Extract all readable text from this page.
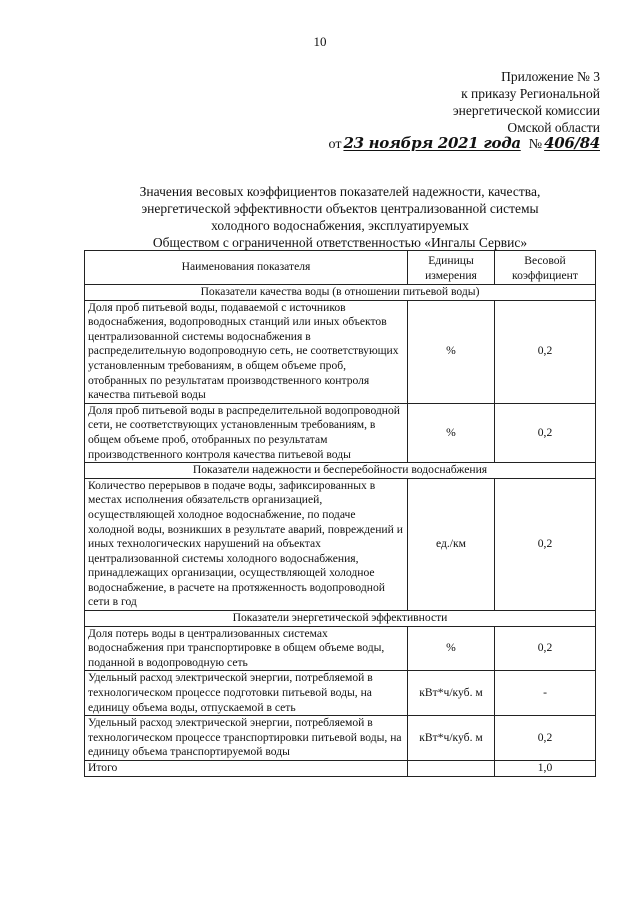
10
Приложение № 3
к приказу Региональной
энергетической комиссии
Омской области
от 23 ноября 2021 года № 406/84
Значения весовых коэффициентов показателей надежности, качества,
энергетической эффективности объектов централизованной системы
холодного водоснабжения, эксплуатируемых
Обществом с ограниченной ответственностью «Ингалы Сервис»
Наименования показателя	Единицы измерения	Весовой коэффициент
Показатели качества воды (в отношении питьевой воды)		
Доля проб питьевой воды, подаваемой с источников водоснабжения, водопроводных станций или иных объектов централизованной системы водоснабжения в распределительную водопроводную сеть, не соответствующих установленным требованиям, в общем объеме проб, отобранных по результатам производственного контроля качества питьевой воды	%	0,2
Доля проб питьевой воды в распределительной водопроводной сети, не соответствующих установленным требованиям, в общем объеме проб, отобранных по результатам производственного контроля качества питьевой воды	%	0,2
Показатели надежности и бесперебойности водоснабжения		
Количество перерывов в подаче воды, зафиксированных в местах исполнения обязательств организацией, осуществляющей холодное водоснабжение, по подаче холодной воды, возникших в результате аварий, повреждений и иных технологических нарушений на объектах централизованной системы холодного водоснабжения, принадлежащих организации, осуществляющей холодное водоснабжение, в расчете на протяженность водопроводной сети в год	ед./км	0,2
Показатели энергетической эффективности		
Доля потерь воды в централизованных системах водоснабжения при транспортировке в общем объеме воды, поданной в водопроводную сеть	%	0,2
Удельный расход электрической энергии, потребляемой в технологическом процессе подготовки питьевой воды, на единицу объема воды, отпускаемой в сеть	кВт*ч/куб. м	-
Удельный расход электрической энергии, потребляемой в технологическом процессе транспортировки питьевой воды, на единицу объема транспортируемой воды	кВт*ч/куб. м	0,2
Итого		1,0
